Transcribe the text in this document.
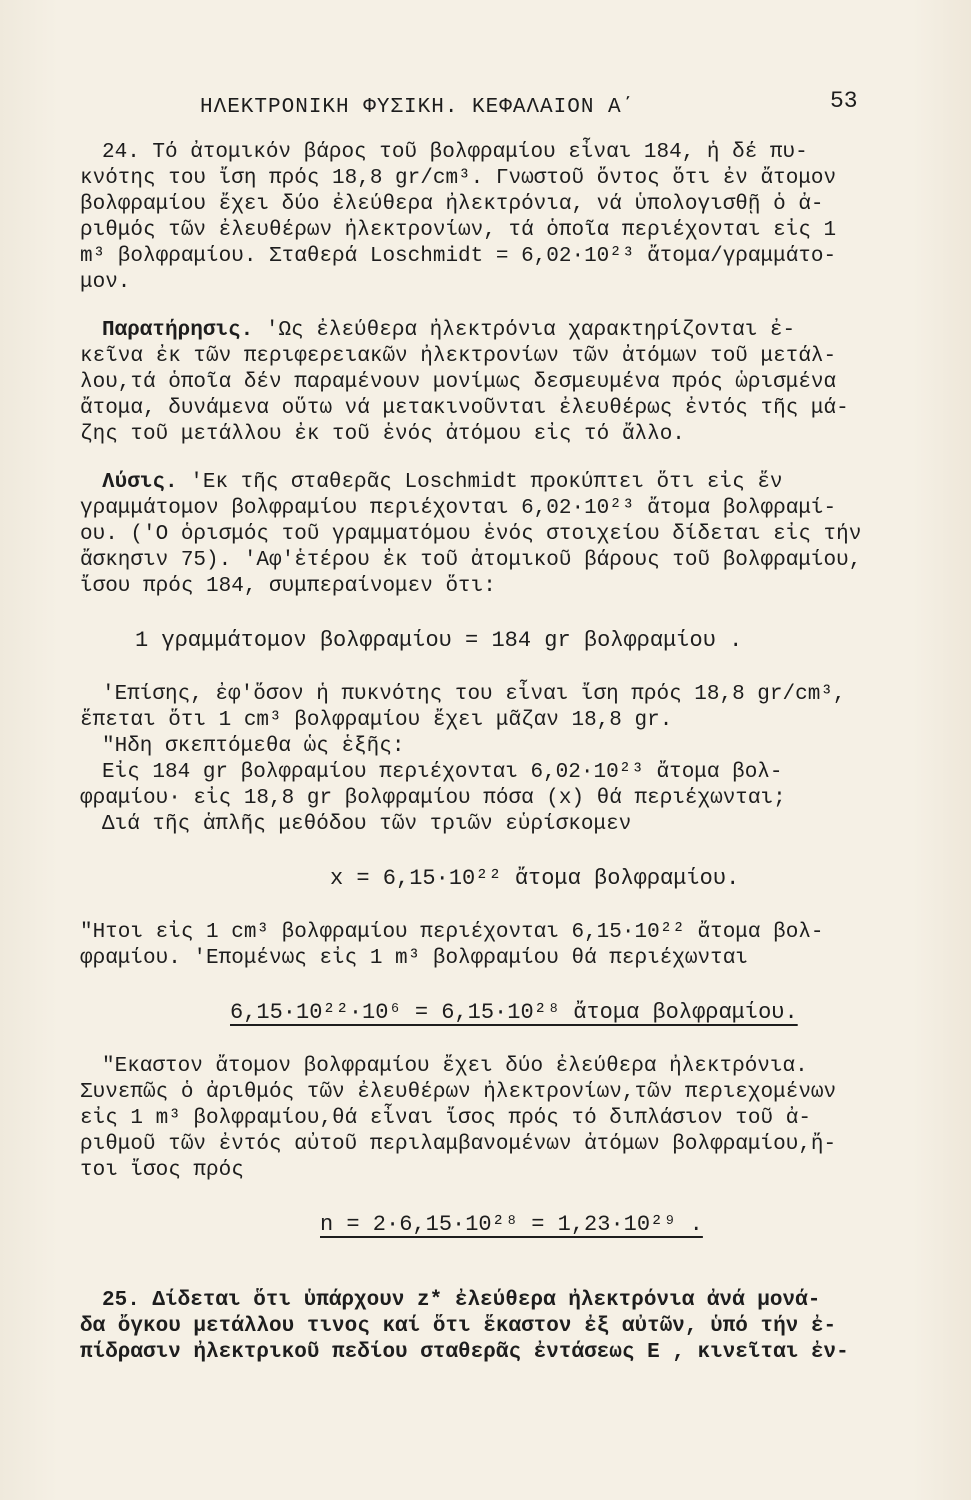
ΗΛΕΚΤΡΟΝΙΚΗ ΦΥΣΙΚΗ. ΚΕΦΑΛΑΙΟΝ Α΄	53
24. Τό ἀτομικόν βάρος τοῦ βολφραμίου εἶναι 184, ἡ δέ πυ-
κνότης του ἴση πρός 18,8 gr/cm³. Γνωστοῦ ὄντος ὅτι ἐν ἄτομον
βολφραμίου ἔχει δύο ἐλεύθερα ἠλεκτρόνια, νά ὑπολογισθῇ ὁ ἀ-
ριθμός τῶν ἐλευθέρων ἠλεκτρονίων, τά ὁποῖα περιέχονται εἰς 1
m³ βολφραμίου. Σταθερά Loschmidt = 6,02·10²³ ἄτομα/γραμμάτο-
μον.
Παρατήρησις. 'Ως ἐλεύθερα ἠλεκτρόνια χαρακτηρίζονται ἐ-
κεῖνα ἐκ τῶν περιφερειακῶν ἠλεκτρονίων τῶν ἀτόμων τοῦ μετάλ-
λου,τά ὁποῖα δέν παραμένουν μονίμως δεσμευμένα πρός ὡρισμένα
ἄτομα, δυνάμενα οὕτω νά μετακινοῦνται ἐλευθέρως ἐντός τῆς μά-
ζης τοῦ μετάλλου ἐκ τοῦ ἑνός ἀτόμου εἰς τό ἄλλο.
Λύσις. 'Εκ τῆς σταθερᾶς Loschmidt προκύπτει ὅτι εἰς ἕν
γραμμάτομον βολφραμίου περιέχονται 6,02·10²³ ἄτομα βολφραμί-
ου. ('Ο ὁρισμός τοῦ γραμματόμου ἑνός στοιχείου δίδεται εἰς τήν
ἄσκησιν 75). 'Αφ'ἑτέρου ἐκ τοῦ ἀτομικοῦ βάρους τοῦ βολφραμίου,
ἴσου πρός 184, συμπεραίνομεν ὅτι:
1 γραμμάτομον βολφραμίου = 184 gr βολφραμίου .
'Επίσης, ἐφ'ὅσον ἡ πυκνότης του εἶναι ἴση πρός 18,8 gr/cm³,
ἕπεται ὅτι 1 cm³ βολφραμίου ἔχει μᾶζαν 18,8 gr.
"Ηδη σκεπτόμεθα ὡς ἑξῆς:
Εἰς 184 gr βολφραμίου περιέχονται 6,02·10²³ ἄτομα βολ-
φραμίου· εἰς 18,8 gr βολφραμίου πόσα (x) θά περιέχωνται;
Διά τῆς ἁπλῆς μεθόδου τῶν τριῶν εὑρίσκομεν
x = 6,15·10²² ἄτομα βολφραμίου.
"Ητοι εἰς 1 cm³ βολφραμίου περιέχονται 6,15·10²² ἄτομα βολ-
φραμίου. 'Επομένως εἰς 1 m³ βολφραμίου θά περιέχωνται
6,15·10²²·10⁶ = 6,15·10²⁸ ἄτομα βολφραμίου.
"Εκαστον ἄτομον βολφραμίου ἔχει δύο ἐλεύθερα ἠλεκτρόνια.
Συνεπῶς ὁ ἀριθμός τῶν ἐλευθέρων ἠλεκτρονίων,τῶν περιεχομένων
εἰς 1 m³ βολφραμίου,θά εἶναι ἴσος πρός τό διπλάσιον τοῦ ἀ-
ριθμοῦ τῶν ἐντός αὐτοῦ περιλαμβανομένων ἀτόμων βολφραμίου,ἤ-
τοι ἴσος πρός
n = 2·6,15·10²⁸ = 1,23·10²⁹ .
25. Δίδεται ὅτι ὑπάρχουν z* ἐλεύθερα ἠλεκτρόνια ἀνά μονά-
δα ὄγκου μετάλλου τινος καί ὅτι ἕκαστον ἐξ αὐτῶν, ὑπό τήν ἐ-
πίδρασιν ἠλεκτρικοῦ πεδίου σταθερᾶς ἐντάσεως Ε , κινεῖται ἐν-
